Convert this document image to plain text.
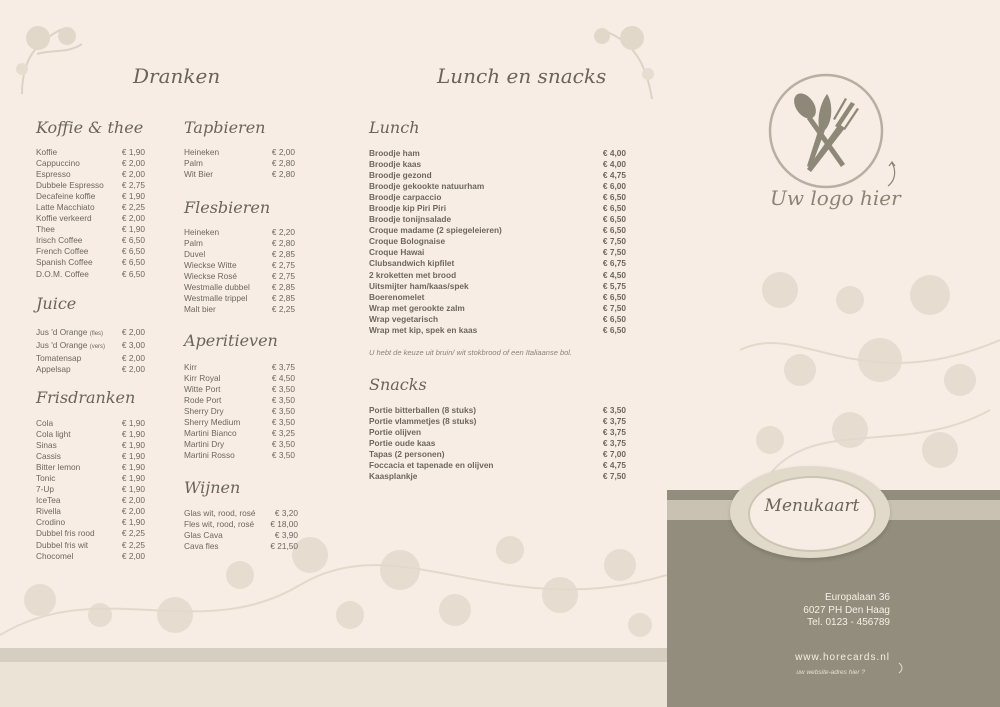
Dranken
Koffie & thee
Koffie	€ 1,90
Cappuccino	€ 2,00
Espresso	€ 2,00
Dubbele Espresso € 2,75
Decafeine koffie	€ 1,90
Latte Macchiato	€ 2,25
Koffie verkeerd	€ 2,00
Thee	€ 1,90
Irisch Coffee	€ 6,50
French Coffee	€ 6,50
Spanish Coffee	€ 6,50
D.O.M. Coffee	€ 6,50
Juice
Jus 'd Orange (fles) € 2,00
Jus 'd Orange (vers) € 3,00
Tomatensap	€ 2,00
Appelsap	€ 2,00
Frisdranken
Cola	€ 1,90
Cola light	€ 1,90
Sinas	€ 1,90
Cassis	€ 1,90
Bitter lemon	€ 1,90
Tonic	€ 1,90
7-Up	€ 1,90
IceTea	€ 2,00
Rivella	€ 2,00
Crodino	€ 1,90
Dubbel fris rood	€ 2,25
Dubbel fris wit	€ 2,25
Chocomel	€ 2,00
Tapbieren
Heineken	€ 2,00
Palm	€ 2,80
Wit Bier	€ 2,80
Flesbieren
Heineken	€ 2,20
Palm	€ 2,80
Duvel	€ 2,85
Wieckse Witte	€ 2,75
Wieckse Rosé	€ 2,75
Westmalle dubbel	€ 2,85
Westmalle trippel	€ 2,85
Malt bier	€ 2,25
Aperitieven
Kirr	€ 3,75
Kirr Royal	€ 4,50
Witte Port	€ 3,50
Rode Port	€ 3,50
Sherry Dry	€ 3,50
Sherry Medium	€ 3,50
Martini Bianco	€ 3,25
Martini Dry	€ 3,50
Martini Rosso	€ 3,50
Wijnen
Glas wit, rood, rosé € 3,20
Fles wit, rood, rosé € 18,00
Glas Cava	€ 3,90
Cava fles	€ 21,50
Lunch en snacks
Lunch
Broodje ham	€ 4,00
Broodje kaas	€ 4,00
Broodje gezond	€ 4,75
Broodje gekookte natuurham	€ 6,00
Broodje carpaccio	€ 6,50
Broodje kip Piri Piri	€ 6,50
Broodje tonijnsalade	€ 6,50
Croque madame (2 spiegeleieren)	€ 6,50
Croque Bolognaise	€ 7,50
Croque Hawai	€ 7,50
Clubsandwich kipfilet	€ 6,75
2 kroketten met brood	€ 4,50
Uitsmijter ham/kaas/spek	€ 5,75
Boerenomelet	€ 6,50
Wrap met gerookte zalm	€ 7,50
Wrap vegetarisch	€ 6,50
Wrap met kip, spek en kaas	€ 6,50
U hebt de keuze uit bruin/ wit stokbrood of een Italiaanse bol.
Snacks
Portie bitterballen (8 stuks)	€ 3,50
Portie vlammetjes (8 stuks)	€ 3,75
Portie olijven	€ 3,75
Portie oude kaas	€ 3,75
Tapas (2 personen)	€ 7,00
Foccacia et tapenade en olijven	€ 4,75
Kaasplankje	€ 7,50
Uw logo hier
Menukaart
Europalaan 36
6027 PH Den Haag
Tel. 0123 - 456789
www.horecards.nl
uw website-adres hier ?
